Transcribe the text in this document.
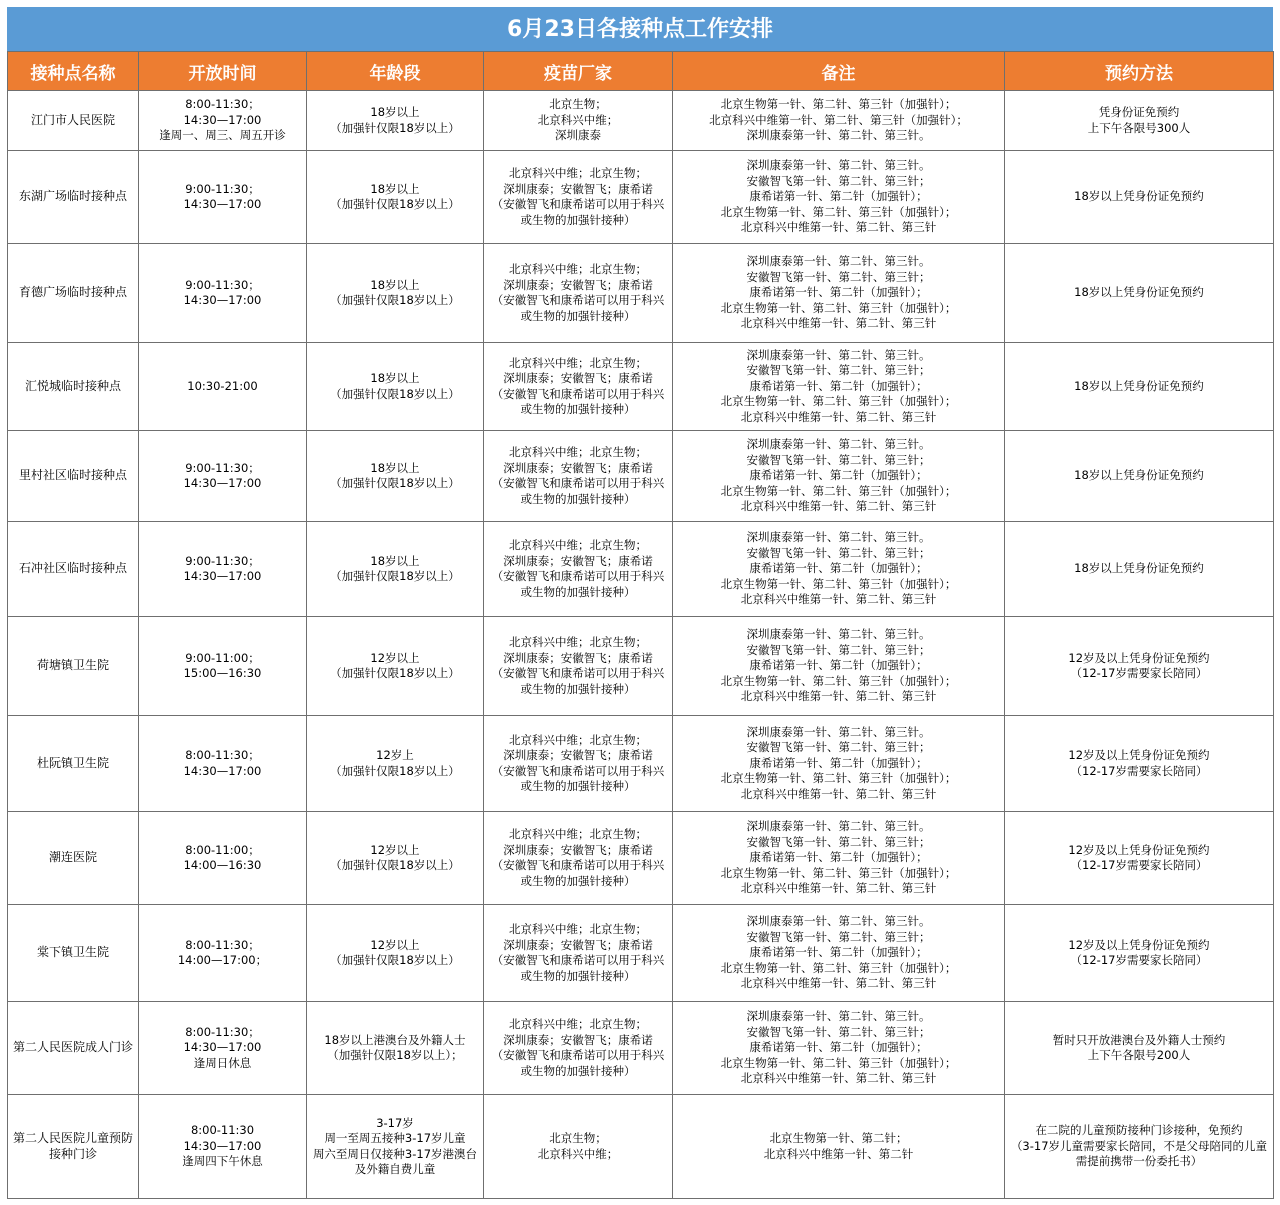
6月23日各接种点工作安排
接种点名称	开放时间	年龄段	疫苗厂家	备注	预约方法
江门市人民医院	8:00-11:30；
14:30—17:00
逢周一、周三、周五开诊	18岁以上
（加强针仅限18岁以上）	北京生物；
北京科兴中维；
深圳康泰	北京生物第一针、第二针、第三针（加强针）；
北京科兴中维第一针、第二针、第三针（加强针）；
深圳康泰第一针、第二针、第三针。	凭身份证免预约
上下午各限号300人
东湖广场临时接种点	9:00-11:30；
14:30—17:00	18岁以上
（加强针仅限18岁以上）	北京科兴中维；北京生物；
深圳康泰；安徽智飞；康希诺
（安徽智飞和康希诺可以用于科兴或生物的加强针接种）	深圳康泰第一针、第二针、第三针。
安徽智飞第一针、第二针、第三针；
康希诺第一针、第二针（加强针）；
北京生物第一针、第二针、第三针（加强针）；
北京科兴中维第一针、第二针、第三针	18岁以上凭身份证免预约
育德广场临时接种点	9:00-11:30；
14:30—17:00	18岁以上
（加强针仅限18岁以上）	北京科兴中维；北京生物；
深圳康泰；安徽智飞；康希诺
（安徽智飞和康希诺可以用于科兴或生物的加强针接种）	深圳康泰第一针、第二针、第三针。
安徽智飞第一针、第二针、第三针；
康希诺第一针、第二针（加强针）；
北京生物第一针、第二针、第三针（加强针）；
北京科兴中维第一针、第二针、第三针	18岁以上凭身份证免预约
汇悦城临时接种点	10:30-21:00	18岁以上
（加强针仅限18岁以上）	北京科兴中维；北京生物；
深圳康泰；安徽智飞；康希诺
（安徽智飞和康希诺可以用于科兴或生物的加强针接种）	深圳康泰第一针、第二针、第三针。
安徽智飞第一针、第二针、第三针；
康希诺第一针、第二针（加强针）；
北京生物第一针、第二针、第三针（加强针）；
北京科兴中维第一针、第二针、第三针	18岁以上凭身份证免预约
里村社区临时接种点	9:00-11:30；
14:30—17:00	18岁以上
（加强针仅限18岁以上）	北京科兴中维；北京生物；
深圳康泰；安徽智飞；康希诺
（安徽智飞和康希诺可以用于科兴或生物的加强针接种）	深圳康泰第一针、第二针、第三针。
安徽智飞第一针、第二针、第三针；
康希诺第一针、第二针（加强针）；
北京生物第一针、第二针、第三针（加强针）；
北京科兴中维第一针、第二针、第三针	18岁以上凭身份证免预约
石冲社区临时接种点	9:00-11:30；
14:30—17:00	18岁以上
（加强针仅限18岁以上）	北京科兴中维；北京生物；
深圳康泰；安徽智飞；康希诺
（安徽智飞和康希诺可以用于科兴或生物的加强针接种）	深圳康泰第一针、第二针、第三针。
安徽智飞第一针、第二针、第三针；
康希诺第一针、第二针（加强针）；
北京生物第一针、第二针、第三针（加强针）；
北京科兴中维第一针、第二针、第三针	18岁以上凭身份证免预约
荷塘镇卫生院	9:00-11:00；
15:00—16:30	12岁以上
（加强针仅限18岁以上）	北京科兴中维；北京生物；
深圳康泰；安徽智飞；康希诺
（安徽智飞和康希诺可以用于科兴或生物的加强针接种）	深圳康泰第一针、第二针、第三针。
安徽智飞第一针、第二针、第三针；
康希诺第一针、第二针（加强针）；
北京生物第一针、第二针、第三针（加强针）；
北京科兴中维第一针、第二针、第三针	12岁及以上凭身份证免预约
（12-17岁需要家长陪同）
杜阮镇卫生院	8:00-11:30；
14:30—17:00	12岁上
（加强针仅限18岁以上）	北京科兴中维；北京生物；
深圳康泰；安徽智飞；康希诺
（安徽智飞和康希诺可以用于科兴或生物的加强针接种）	深圳康泰第一针、第二针、第三针。
安徽智飞第一针、第二针、第三针；
康希诺第一针、第二针（加强针）；
北京生物第一针、第二针、第三针（加强针）；
北京科兴中维第一针、第二针、第三针	12岁及以上凭身份证免预约
（12-17岁需要家长陪同）
潮连医院	8:00-11:00；
14:00—16:30	12岁以上
（加强针仅限18岁以上）	北京科兴中维；北京生物；
深圳康泰；安徽智飞；康希诺
（安徽智飞和康希诺可以用于科兴或生物的加强针接种）	深圳康泰第一针、第二针、第三针。
安徽智飞第一针、第二针、第三针；
康希诺第一针、第二针（加强针）；
北京生物第一针、第二针、第三针（加强针）；
北京科兴中维第一针、第二针、第三针	12岁及以上凭身份证免预约
（12-17岁需要家长陪同）
棠下镇卫生院	8:00-11:30；
14:00—17:00；	12岁以上
（加强针仅限18岁以上）	北京科兴中维；北京生物；
深圳康泰；安徽智飞；康希诺
（安徽智飞和康希诺可以用于科兴或生物的加强针接种）	深圳康泰第一针、第二针、第三针。
安徽智飞第一针、第二针、第三针；
康希诺第一针、第二针（加强针）；
北京生物第一针、第二针、第三针（加强针）；
北京科兴中维第一针、第二针、第三针	12岁及以上凭身份证免预约
（12-17岁需要家长陪同）
第二人民医院成人门诊	8:00-11:30；
14:30—17:00
逢周日休息	18岁以上港澳台及外籍人士
（加强针仅限18岁以上）；	北京科兴中维；北京生物；
深圳康泰；安徽智飞；康希诺
（安徽智飞和康希诺可以用于科兴或生物的加强针接种）	深圳康泰第一针、第二针、第三针。
安徽智飞第一针、第二针、第三针；
康希诺第一针、第二针（加强针）；
北京生物第一针、第二针、第三针（加强针）；
北京科兴中维第一针、第二针、第三针	暂时只开放港澳台及外籍人士预约
上下午各限号200人
第二人民医院儿童预防接种门诊	8:00-11:30
14:30—17:00
逢周四下午休息	3-17岁
周一至周五接种3-17岁儿童
周六至周日仅接种3-17岁港澳台及外籍自费儿童	北京生物；
北京科兴中维；	北京生物第一针、第二针；
北京科兴中维第一针、第二针	在二院的儿童预防接种门诊接种，免预约
（3-17岁儿童需要家长陪同，不是父母陪同的儿童需提前携带一份委托书）
